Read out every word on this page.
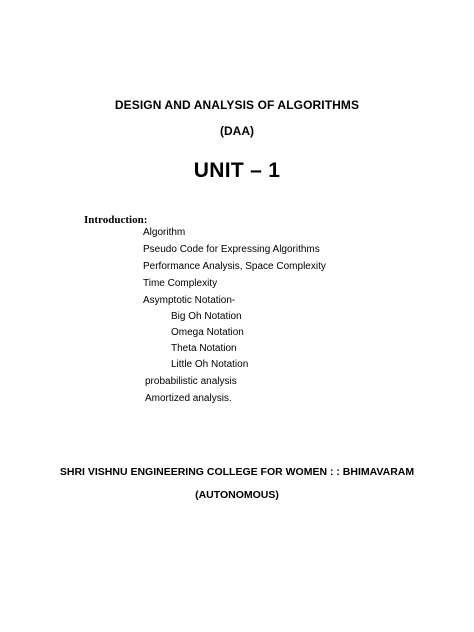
DESIGN AND ANALYSIS OF ALGORITHMS
(DAA)
UNIT – 1
Introduction:
Algorithm
Pseudo Code for Expressing Algorithms
Performance Analysis, Space Complexity
Time Complexity
Asymptotic Notation-
Big Oh Notation
Omega Notation
Theta Notation
Little Oh Notation
probabilistic analysis
Amortized analysis.
SHRI VISHNU ENGINEERING COLLEGE FOR WOMEN : : BHIMAVARAM
(AUTONOMOUS)
